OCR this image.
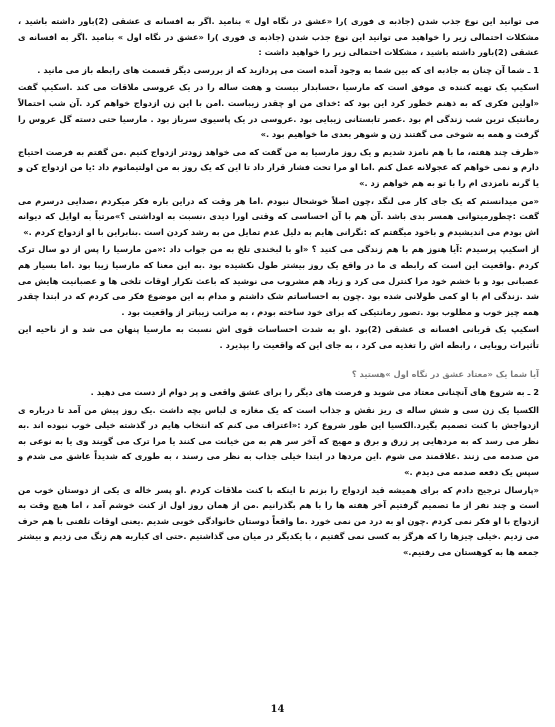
می توانید این نوع جذب شدن (جاذبه ی فوری )را «عشق در نگاه اول » بنامید .اگر به افسانه ی عشقی (2)باور داشته باشید ، مشکلات احتمالی زیر را خواهید می توانید این نوع جذب شدن (جاذبه ی فوری )را «عشق در نگاه اول » بنامید .اگر به افسانه ی عشقی (2)باور داشته باشید ، مشکلات احتمالی زیر را خواهید داشت :

1 ـ شما آن چنان به جاذبه ای که بین شما به وجود آمده است می پردازید که از بررسی دیگر قسمت های رابطه باز می مانید .

اسکیپ یک تهیه کننده ی موفق است که مارسیا ،حسابدار بیست و هفت ساله را در یک عروسی ملاقات می کند .اسکیپ گفت «اولین فکری که به ذهنم خطور کرد این بود که :خدای من او چقدر زیباست .امن با این زن ازدواج خواهم کرد .آن شب احتمالاً رمانتیک ترین شب زندگی ام بود .عصر تابستانی زیبایی بود .عروسی در یک پاسیوی سرباز بود . مارسیا حتی دسته گل عروس را گرفت و همه به شوخی می گفتند زن و شوهر بعدی ما خواهیم بود .»

«ظرف چند هفته، ما با هم نامزد شدیم و یک روز مارسیا به من گفت که می خواهد زودتر ازدواج کنیم .من گفتم به فرصت احتیاج دارم و نمی خواهم که عجولانه عمل کنم .اما او مرا تحت فشار قرار داد تا این که یک روز به من اولتیماتوم داد :یا من ازدواج کن و یا گرنه نامزدی ام را با تو به هم خواهم زد .»

«من میدانستم که یک جای کار می لنگد ،چون اصلاً خوشحال نبودم .اما هر وقت که دراین باره فکر میکردم ،صدایی درسرم می گفت :چطورمیتوانی همسر بدی باشد .آن هم با آن احساسی که وقتی اورا دیدی ،نسبت به اوداشتی ؟»مرتباً به اوایل که دیوانه اش بودم می اندیشیدم و باخود میگفتم که :نگرانی هایم به دلیل عدم تمایل من به رشد کردن است .بنابراین با او ازدواج کردم .»

از اسکیپ پرسیدم :آیا هنوز هم با هم زندگی می کنید ؟ «او با لبخندی تلخ به من جواب داد :«من مارسیا را پس از دو سال ترک کردم .واقعیت این است که رابطه ی ما در واقع یک روز بیشتر طول نکشیده بود .به این معنا که مارسیا زیبا بود .اما بسیار هم عصبانی بود و با خشم خود مرا کنترل می کرد و زیاد هم مشروب می نوشید که باعث تکرار اوقات تلخی ها و عصبانیت هایش می شد .زندگی ام با او کمی طولانی شده بود .چون به احساساتم شک داشتم و مدام به این موضوع فکر می کردم که در ابتدا چقدر همه چیز خوب و مطلوب بود .تصور رمانتیکی که برای خود ساخته بودم ، به مراتب زیباتر از واقعیت بود .

اسکیپ یک قربانی افسانه ی عشقی (2)بود .او به شدت احساسات قوی اش نسبت به مارسیا پنهان می شد و از ناحیه این تأثیرات رویایی ، رابطه اش را تغذیه می کرد ، به جای این که واقعیت را بپذیرد .

آیا شما یک «معتاد عشق در نگاه اول »هستید ؟

2 ـ به شروع های آنچنانی معتاد می شوید و فرصت های دیگر را برای عشق واقعی و پر دوام از دست می دهید .

الکسیا یک زن سی و شش ساله ی ریز نقش و جذاب است که یک مغازه ی لباس بچه داشت .یک روز پیش من آمد تا درباره ی ازدواجش با کنت تصمیم بگیرد.الکسیا این طور شروع کرد :«اعتراف می کنم که انتخاب هایم در گذشته خیلی خوب نبوده اند .به نظر می رسد که به مردهایی پر زرق و برق و مهیج که آخر سر هم به من خیانت می کنند یا مرا ترک می گویند وی یا به نوعی به من صدمه می زنند .علاقمند می شوم .این مردها در ابتدا خیلی جذاب به نظر می رسند ، به طوری که شدیداً عاشق می شدم و سپس یک دفعه صدمه می دیدم .»

«پارسال ترجیح دادم که برای همیشه قید ازدواج را بزنم تا اینکه با کنت ملاقات کردم .او پسر خاله ی یکی از دوستان خوب من است و چند نفر از ما تصمیم گرفتیم آخر هفته ها را با هم بگذرانیم .من از همان روز اول از کنت خوشم آمد ، اما هیچ وقت به ازدواج با او فکر نمی کردم .چون او به درد من نمی خورد .ما واقعاً دوستان خانوادگی خوبی شدیم .یعنی اوقات تلفنی با هم حرف می زدیم .خیلی چیزها را که هرگز به کسی نمی گفتیم ، با یکدیگر در میان می گذاشتیم .حتی ای کباربه هم زنگ می زدیم و بیشتر جمعه ها به کوهستان می رفتیم.»

14
